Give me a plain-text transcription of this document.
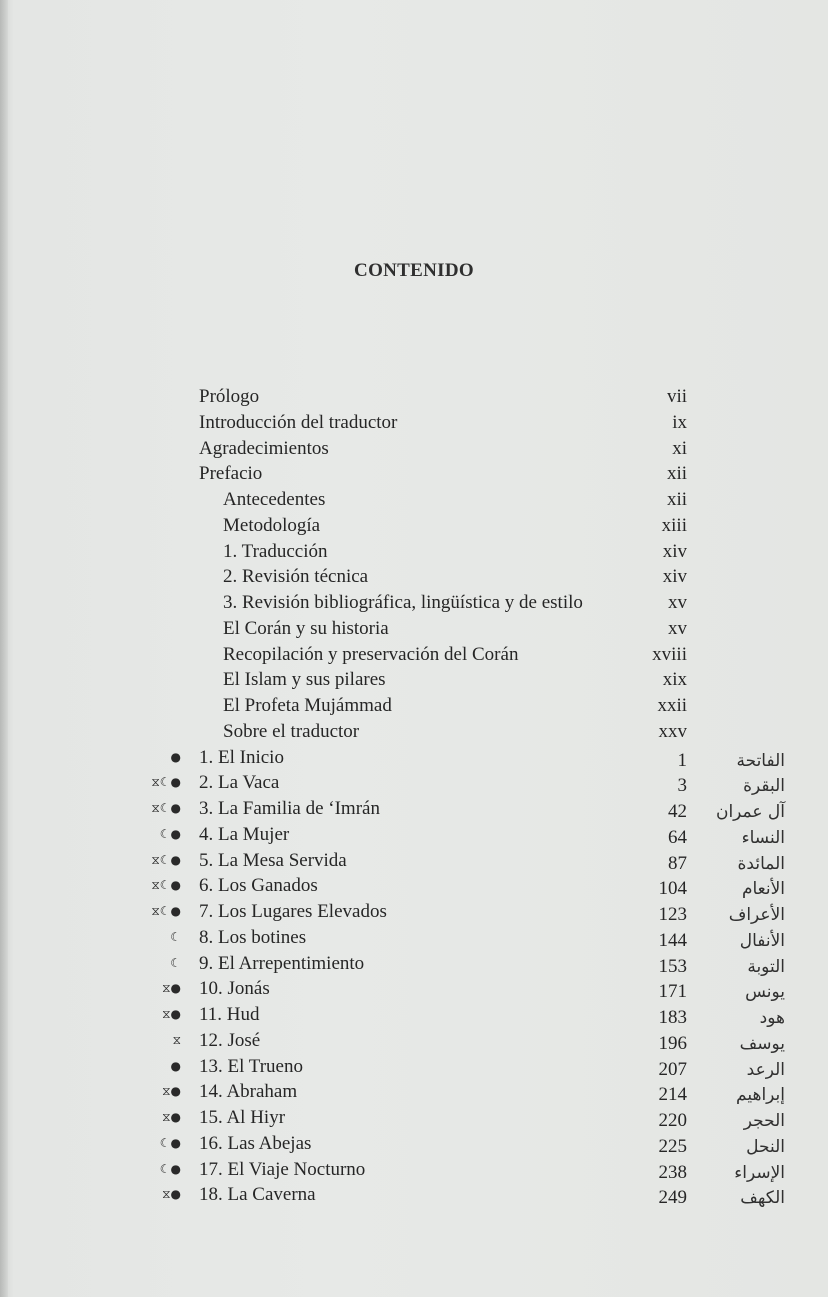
CONTENIDO
Prólogo	vii
Introducción del traductor	ix
Agradecimientos	xi
Prefacio	xii
Antecedentes	xii
Metodología	xiii
1. Traducción	xiv
2. Revisión técnica	xiv
3. Revisión bibliográfica, lingüística y de estilo	xv
El Corán y su historia	xv
Recopilación y preservación del Corán	xviii
El Islam y sus pilares	xix
El Profeta Mujámmad	xxii
Sobre el traductor	xxv
● 1. El Inicio	1	الفاتحة
⧖☾● 2. La Vaca	3	البقرة
⧖☾● 3. La Familia de ‘Imrán	42 آل عمران
☾● 4. La Mujer	64	النساء
⧖☾● 5. La Mesa Servida	87	المائدة
⧖☾● 6. Los Ganados	104	الأنعام
⧖☾● 7. Los Lugares Elevados	123 الأعراف
☾ 8. Los botines	144	الأنفال
☾ 9. El Arrepentimiento	153	التوبة
⧖● 10. Jonás	171	يونس
⧖● 11. Hud	183	هود
⧖ 12. José	196	يوسف
● 13. El Trueno	207	الرعد
⧖● 14. Abraham	214	إبراهيم
⧖● 15. Al Hiyr	220	الحجر
☾● 16. Las Abejas	225	النحل
☾● 17. El Viaje Nocturno	238	الإسراء
⧖● 18. La Caverna	249	الكهف
